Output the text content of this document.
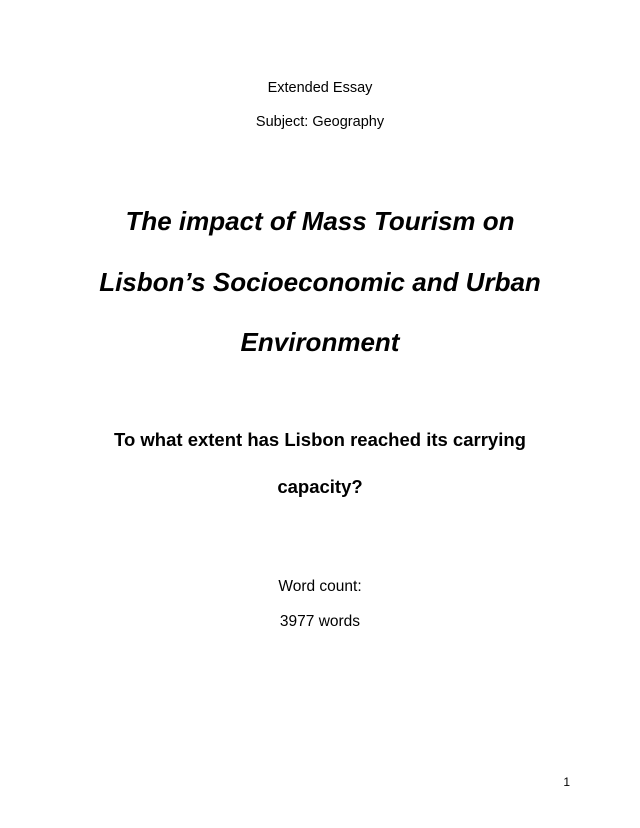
Extended Essay
Subject: Geography
The impact of Mass Tourism on
Lisbon’s Socioeconomic and Urban
Environment
To what extent has Lisbon reached its carrying
capacity?
Word count:
3977 words
1
